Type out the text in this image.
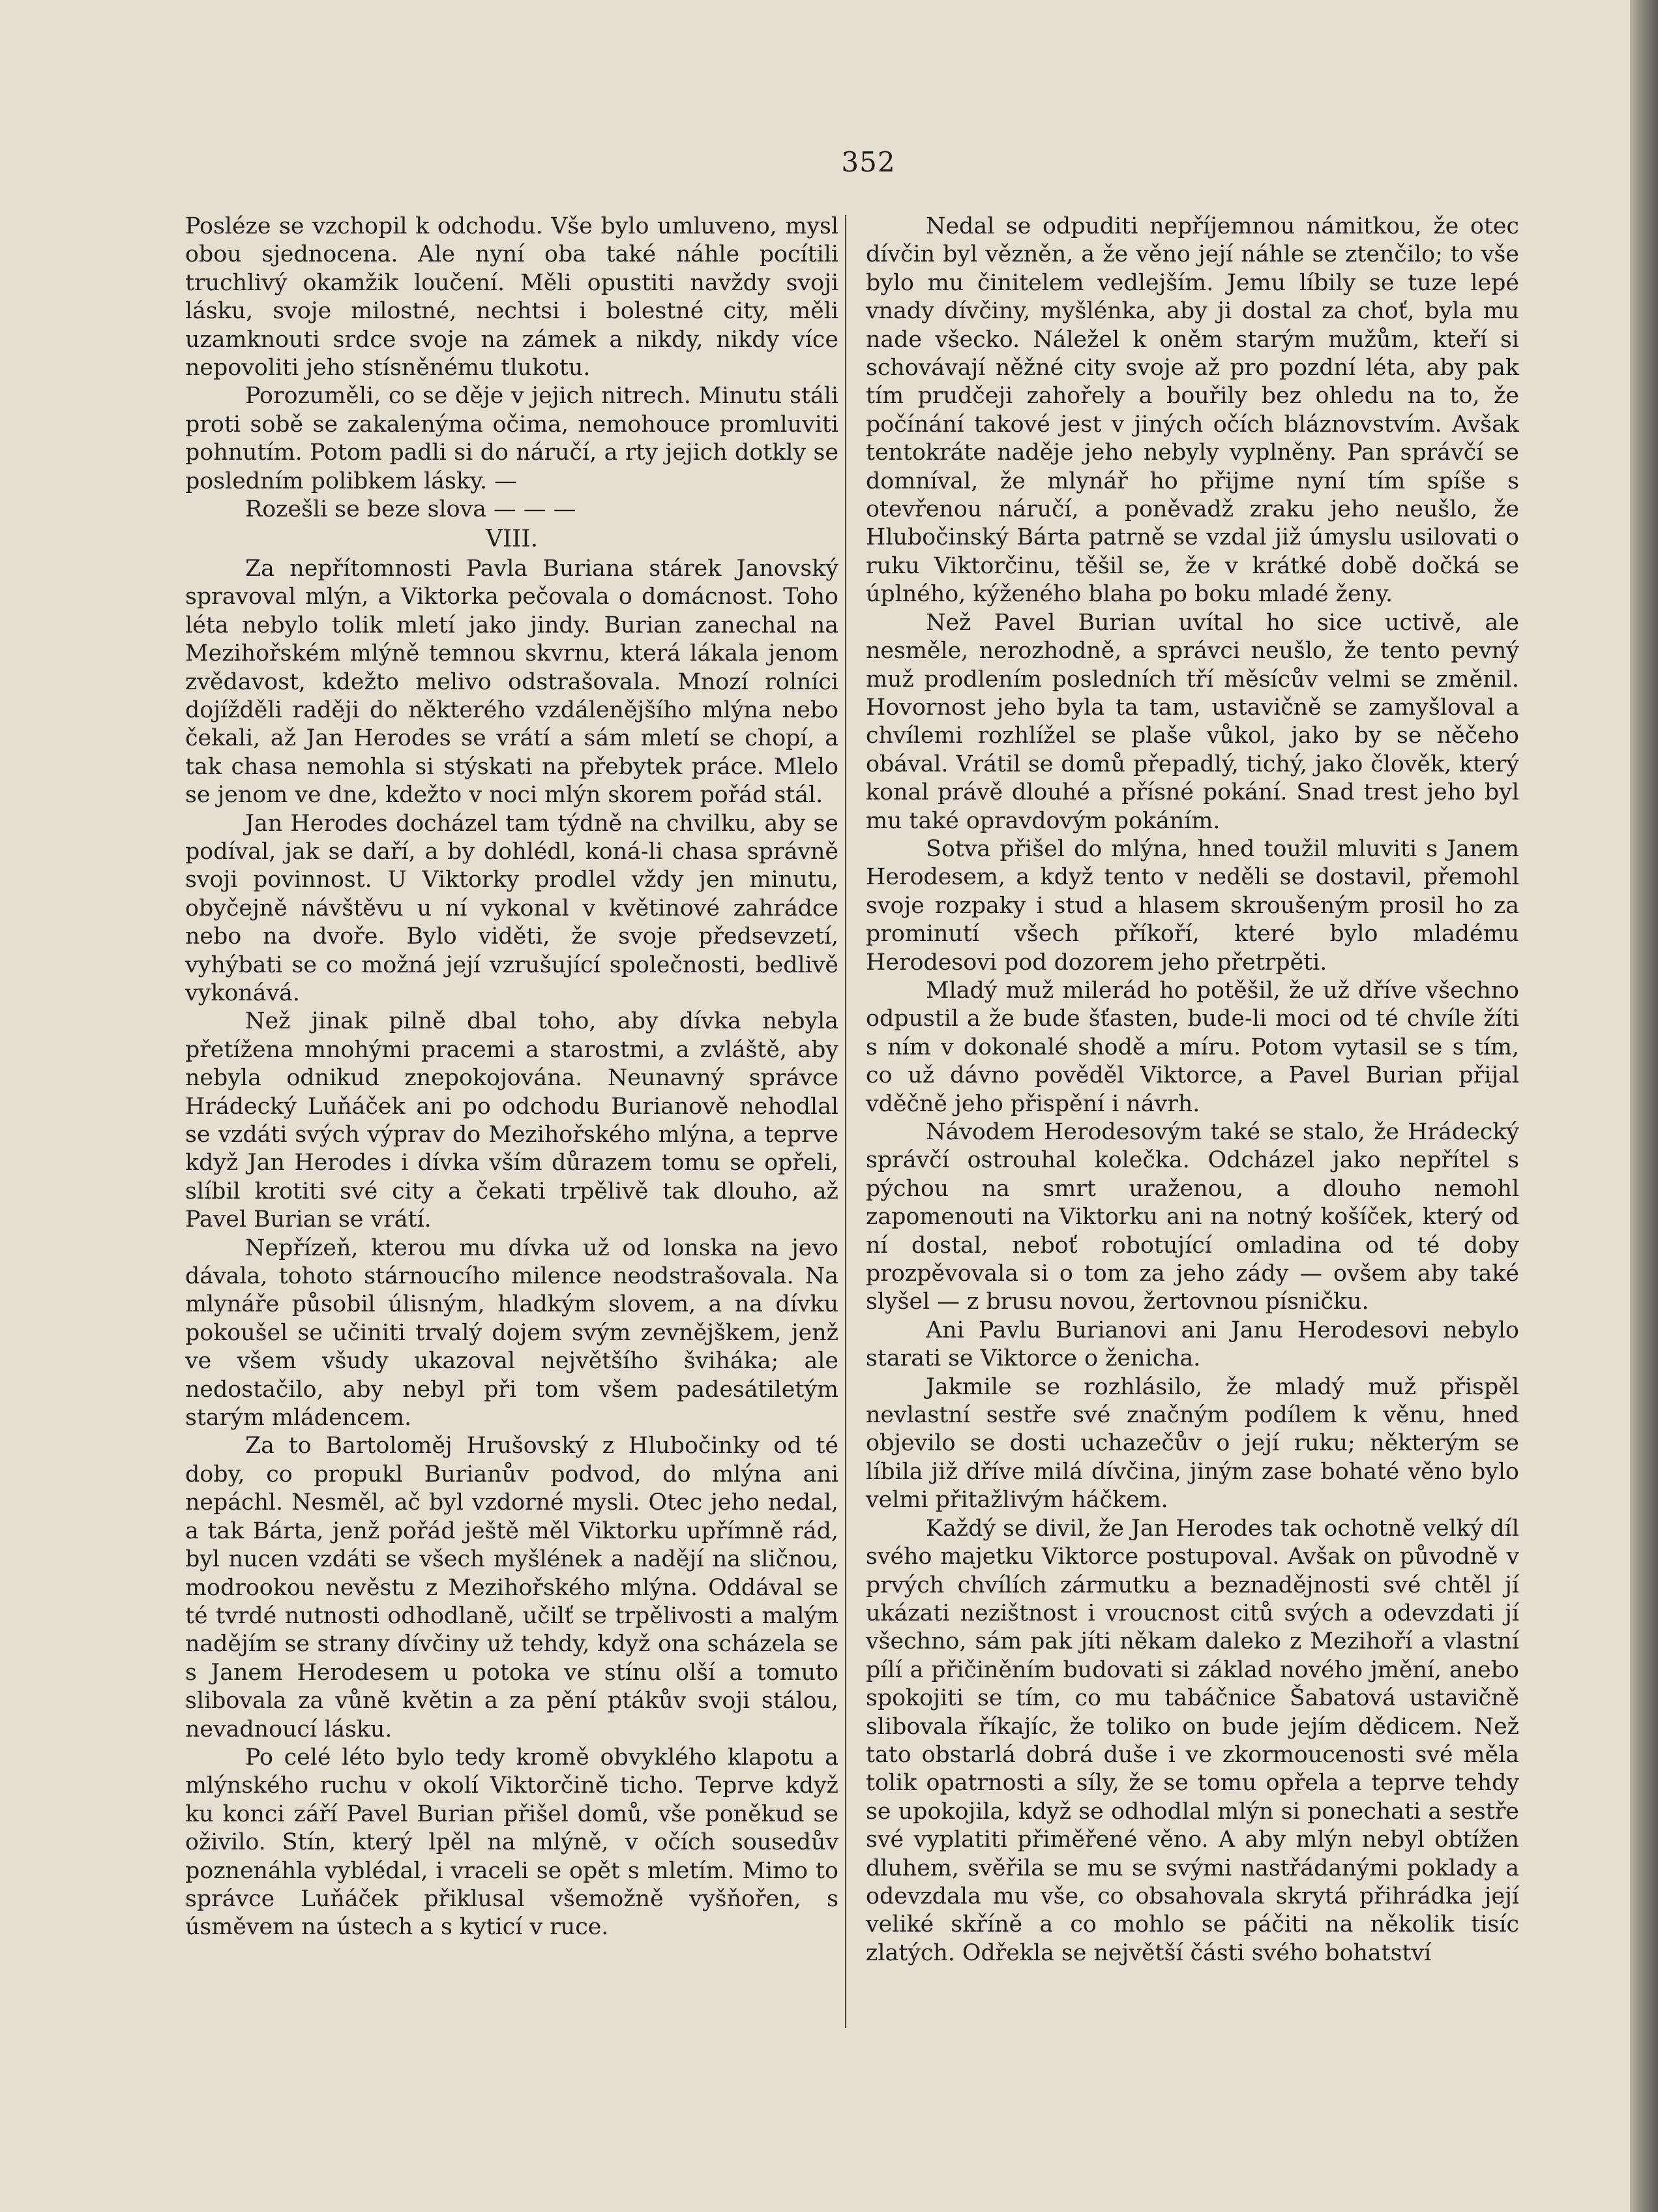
352

Posléze se vzchopil k odchodu. Vše bylo umluveno, mysl obou sjednocena. Ale nyní oba také náhle pocítili truchlivý okamžik loučení. Měli opustiti navždy svoji lásku, svoje milostné, nechtsi i bolestné city, měli uzamknouti srdce svoje na zámek a nikdy, nikdy více nepovoliti jeho stísněnému tlukotu.

Porozuměli, co se děje v jejich nitrech. Minutu stáli proti sobě se zakalenýma očima, nemohouce promluviti pohnutím. Potom padli si do náručí, a rty jejich dotkly se posledním polibkem lásky. —

Rozešli se beze slova — — —

VIII.

Za nepřítomnosti Pavla Buriana stárek Janovský spravoval mlýn, a Viktorka pečovala o domácnost. Toho léta nebylo tolik mletí jako jindy. Burian zanechal na Mezihořském mlýně temnou skvrnu, která lákala jenom zvědavost, kdežto melivo odstrašovala. Mnozí rolníci dojížděli raději do některého vzdálenějšího mlýna nebo čekali, až Jan Herodes se vrátí a sám mletí se chopí, a tak chasa nemohla si stýskati na přebytek práce. Mlelo se jenom ve dne, kdežto v noci mlýn skorem pořád stál.

Jan Herodes docházel tam týdně na chvilku, aby se podíval, jak se daří, a by dohlédl, koná-li chasa správně svoji povinnost. U Viktorky prodlel vždy jen minutu, obyčejně návštěvu u ní vykonal v květinové zahrádce nebo na dvoře. Bylo viděti, že svoje předsevzetí, vyhýbati se co možná její vzrušující společnosti, bedlivě vykonává.

Než jinak pilně dbal toho, aby dívka nebyla přetížena mnohými pracemi a starostmi, a zvláště, aby nebyla odnikud znepokojována. Neunavný správce Hrádecký Luňáček ani po odchodu Burianově nehodlal se vzdáti svých výprav do Mezihořského mlýna, a teprve když Jan Herodes i dívka vším důrazem tomu se opřeli, slíbil krotiti své city a čekati trpělivě tak dlouho, až Pavel Burian se vrátí.

Nepřízeň, kterou mu dívka už od lonska na jevo dávala, tohoto stárnoucího milence neodstrašovala. Na mlynáře působil úlisným, hladkým slovem, a na dívku pokoušel se učiniti trvalý dojem svým zevnějškem, jenž ve všem všudy ukazoval největšího šviháka; ale nedostačilo, aby nebyl při tom všem padesátiletým starým mládencem.

Za to Bartoloměj Hrušovský z Hlubočinky od té doby, co propukl Burianův podvod, do mlýna ani nepáchl. Nesměl, ač byl vzdorné mysli. Otec jeho nedal, a tak Bárta, jenž pořád ještě měl Viktorku upřímně rád, byl nucen vzdáti se všech myšlének a nadějí na sličnou, modrookou nevěstu z Mezihořského mlýna. Oddával se té tvrdé nutnosti odhodlaně, učilť se trpělivosti a malým nadějím se strany dívčiny už tehdy, když ona scházela se s Janem Herodesem u potoka ve stínu olší a tomuto slibovala za vůně květin a za pění ptákův svoji stálou, nevadnoucí lásku.

Po celé léto bylo tedy kromě obvyklého klapotu a mlýnského ruchu v okolí Viktorčině ticho. Teprve když ku konci září Pavel Burian přišel domů, vše poněkud se oživilo. Stín, který lpěl na mlýně, v očích sousedův poznenáhla vyblédal, i vraceli se opět s mletím. Mimo to správce Luňáček přiklusal všemožně vyšňořen, s úsměvem na ústech a s kyticí v ruce.

Nedal se odpuditi nepříjemnou námitkou, že otec dívčin byl vězněn, a že věno její náhle se ztenčilo; to vše bylo mu činitelem vedlejším. Jemu líbily se tuze lepé vnady dívčiny, myšlénka, aby ji dostal za choť, byla mu nade všecko. Náležel k oněm starým mužům, kteří si schovávají něžné city svoje až pro pozdní léta, aby pak tím prudčeji zahořely a bouřily bez ohledu na to, že počínání takové jest v jiných očích bláznovstvím. Avšak tentokráte naděje jeho nebyly vyplněny. Pan správčí se domníval, že mlynář ho přijme nyní tím spíše s otevřenou náručí, a poněvadž zraku jeho neušlo, že Hlubočinský Bárta patrně se vzdal již úmyslu usilovati o ruku Viktorčinu, těšil se, že v krátké době dočká se úplného, kýženého blaha po boku mladé ženy.

Než Pavel Burian uvítal ho sice uctivě, ale nesměle, nerozhodně, a správci neušlo, že tento pevný muž prodlením posledních tří měsícův velmi se změnil. Hovornost jeho byla ta tam, ustavičně se zamyšloval a chvílemi rozhlížel se plaše vůkol, jako by se něčeho obával. Vrátil se domů přepadlý, tichý, jako člověk, který konal právě dlouhé a přísné pokání. Snad trest jeho byl mu také opravdovým pokáním.

Sotva přišel do mlýna, hned toužil mluviti s Janem Herodesem, a když tento v neděli se dostavil, přemohl svoje rozpaky i stud a hlasem skroušeným prosil ho za prominutí všech příkoří, které bylo mladému Herodesovi pod dozorem jeho přetrpěti.

Mladý muž milerád ho potěšil, že už dříve všechno odpustil a že bude šťasten, bude-li moci od té chvíle žíti s ním v dokonalé shodě a míru. Potom vytasil se s tím, co už dávno pověděl Viktorce, a Pavel Burian přijal vděčně jeho přispění i návrh.

Návodem Herodesovým také se stalo, že Hrádecký správčí ostrouhal kolečka. Odcházel jako nepřítel s pýchou na smrt uraženou, a dlouho nemohl zapomenouti na Viktorku ani na notný košíček, který od ní dostal, neboť robotující omladina od té doby prozpěvovala si o tom za jeho zády — ovšem aby také slyšel — z brusu novou, žertovnou písničku.

Ani Pavlu Burianovi ani Janu Herodesovi nebylo starati se Viktorce o ženicha.

Jakmile se rozhlásilo, že mladý muž přispěl nevlastní sestře své značným podílem k věnu, hned objevilo se dosti uchazečův o její ruku; některým se líbila již dříve milá dívčina, jiným zase bohaté věno bylo velmi přitažlivým háčkem.

Každý se divil, že Jan Herodes tak ochotně velký díl svého majetku Viktorce postupoval. Avšak on původně v prvých chvílích zármutku a beznadějnosti své chtěl jí ukázati nezištnost i vroucnost citů svých a odevzdati jí všechno, sám pak jíti někam daleko z Mezihoří a vlastní pílí a přičiněním budovati si základ nového jmění, anebo spokojiti se tím, co mu tabáčnice Šabatová ustavičně slibovala říkajíc, že toliko on bude jejím dědicem. Než tato obstarlá dobrá duše i ve zkormoucenosti své měla tolik opatrnosti a síly, že se tomu opřela a teprve tehdy se upokojila, když se odhodlal mlýn si ponechati a sestře své vyplatiti přiměřené věno. A aby mlýn nebyl obtížen dluhem, svěřila se mu se svými nastřádanými poklady a odevzdala mu vše, co obsahovala skrytá přihrádka její veliké skříně a co mohlo se páčiti na několik tisíc zlatých. Odřekla se největší části svého bohatství
